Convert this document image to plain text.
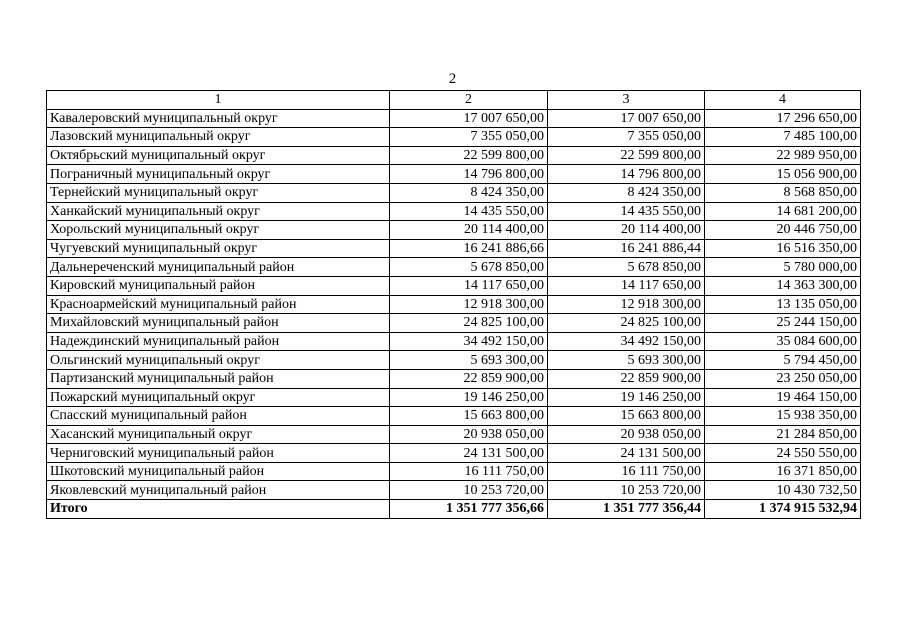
2
1	2	3	4
Кавалеровский муниципальный округ	17 007 650,00	17 007 650,00	17 296 650,00
Лазовский муниципальный округ	7 355 050,00	7 355 050,00	7 485 100,00
Октябрьский муниципальный округ	22 599 800,00	22 599 800,00	22 989 950,00
Пограничный муниципальный округ	14 796 800,00	14 796 800,00	15 056 900,00
Тернейский муниципальный округ	8 424 350,00	8 424 350,00	8 568 850,00
Ханкайский муниципальный округ	14 435 550,00	14 435 550,00	14 681 200,00
Хорольский муниципальный округ	20 114 400,00	20 114 400,00	20 446 750,00
Чугуевский муниципальный округ	16 241 886,66	16 241 886,44	16 516 350,00
Дальнереченский муниципальный район	5 678 850,00	5 678 850,00	5 780 000,00
Кировский муниципальный район	14 117 650,00	14 117 650,00	14 363 300,00
Красноармейский муниципальный район	12 918 300,00	12 918 300,00	13 135 050,00
Михайловский муниципальный район	24 825 100,00	24 825 100,00	25 244 150,00
Надеждинский муниципальный район	34 492 150,00	34 492 150,00	35 084 600,00
Ольгинский муниципальный округ	5 693 300,00	5 693 300,00	5 794 450,00
Партизанский муниципальный район	22 859 900,00	22 859 900,00	23 250 050,00
Пожарский муниципальный округ	19 146 250,00	19 146 250,00	19 464 150,00
Спасский муниципальный район	15 663 800,00	15 663 800,00	15 938 350,00
Хасанский муниципальный округ	20 938 050,00	20 938 050,00	21 284 850,00
Черниговский муниципальный район	24 131 500,00	24 131 500,00	24 550 550,00
Шкотовский муниципальный район	16 111 750,00	16 111 750,00	16 371 850,00
Яковлевский муниципальный район	10 253 720,00	10 253 720,00	10 430 732,50
Итого	1 351 777 356,66	1 351 777 356,44	1 374 915 532,94
